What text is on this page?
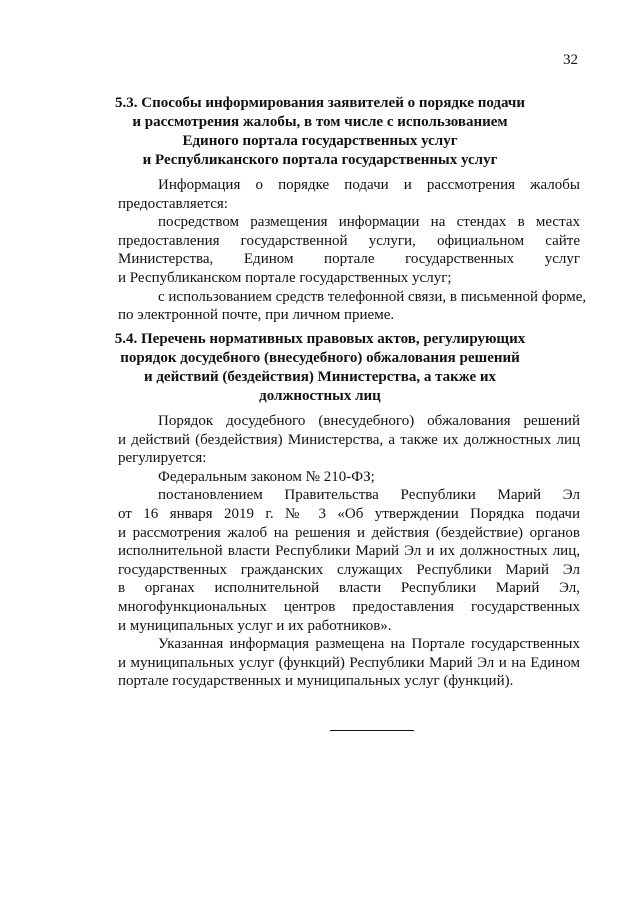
32
5.3. Способы информирования заявителей о порядке подачи
и рассмотрения жалобы, в том числе с использованием
Единого портала государственных услуг
и Республиканского портала государственных услуг
Информация о порядке подачи и рассмотрения жалобы
предоставляется:
посредством размещения информации на стендах в местах
предоставления государственной услуги, официальном сайте
Министерства, Едином портале государственных услуг
и Республиканском портале государственных услуг;
с использованием средств телефонной связи, в письменной форме,
по электронной почте, при личном приеме.
5.4. Перечень нормативных правовых актов, регулирующих
порядок досудебного (внесудебного) обжалования решений
и действий (бездействия) Министерства, а также их
должностных лиц
Порядок досудебного (внесудебного) обжалования решений
и действий (бездействия) Министерства, а также их должностных лиц
регулируется:
Федеральным законом № 210-ФЗ;
постановлением Правительства Республики Марий Эл
от 16 января 2019 г. № 3 «Об утверждении Порядка подачи
и рассмотрения жалоб на решения и действия (бездействие) органов
исполнительной власти Республики Марий Эл и их должностных лиц,
государственных гражданских служащих Республики Марий Эл
в органах исполнительной власти Республики Марий Эл,
многофункциональных центров предоставления государственных
и муниципальных услуг и их работников».
Указанная информация размещена на Портале государственных
и муниципальных услуг (функций) Республики Марий Эл и на Едином
портале государственных и муниципальных услуг (функций).
